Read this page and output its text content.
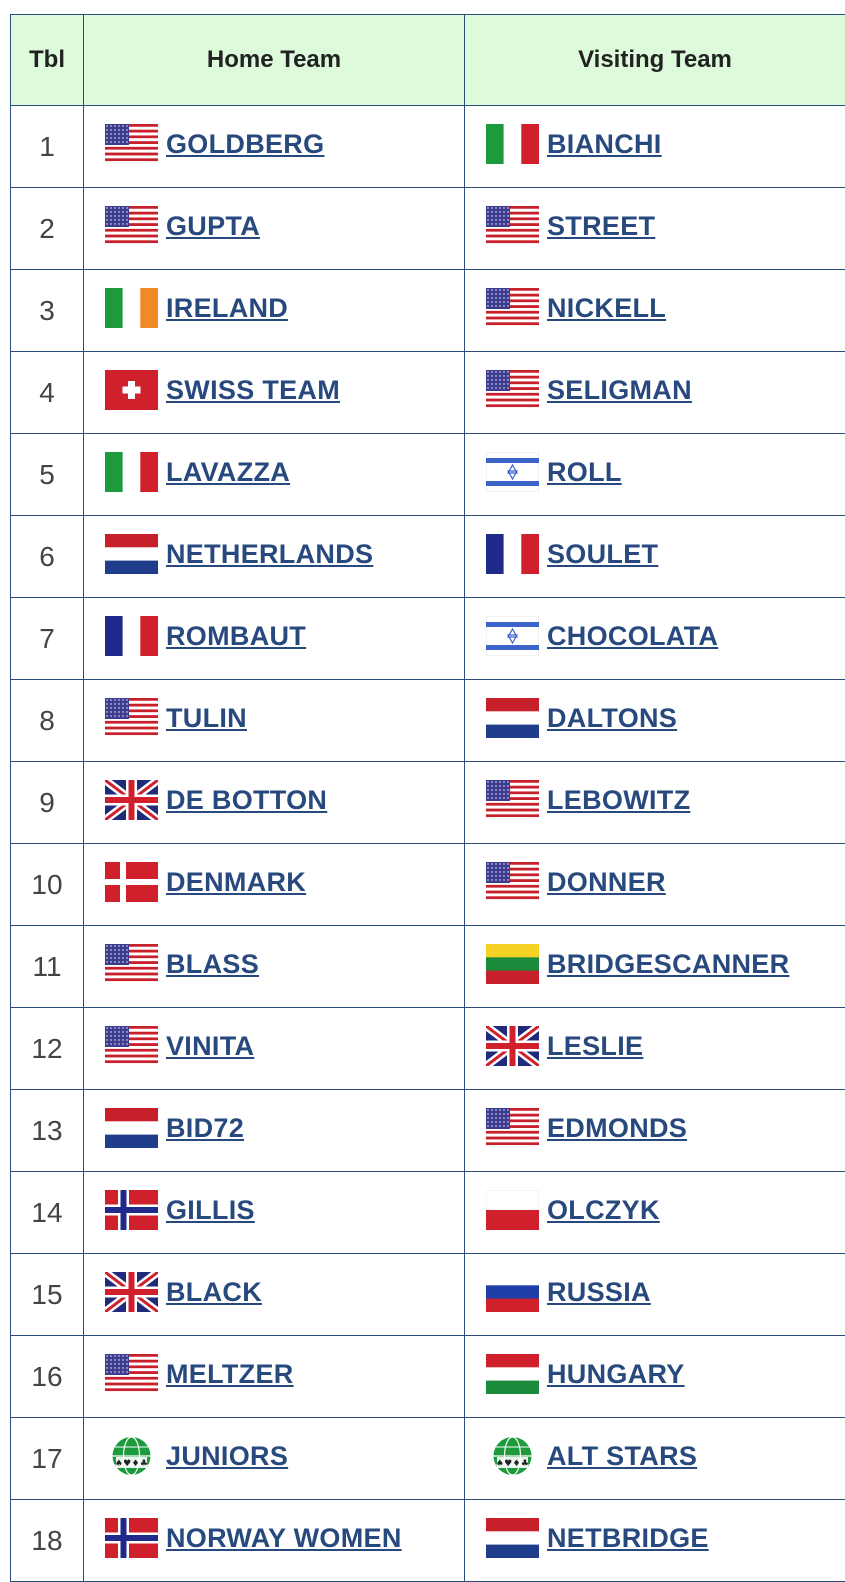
Tbl	Home Team	Visiting Team
1	GOLDBERG	BIANCHI

2	GUPTA	STREET

3	IRELAND	NICKELL

4	SWISS TEAM	SELIGMAN

5	LAVAZZA	ROLL

6	NETHERLANDS	SOULET

7	ROMBAUT	CHOCOLATA

8	TULIN	DALTONS

9	DE BOTTON	LEBOWITZ

10	DENMARK	DONNER

11	BLASS	BRIDGESCANNER

12	VINITA	LESLIE

13	BID72	EDMONDS

14	GILLIS	OLCZYK

15	BLACK	RUSSIA

16	MELTZER	HUNGARY

17	♠♥♦♣ JUNIORS	♠♥♦♣ ALT STARS

18	NORWAY WOMEN	NETBRIDGE
